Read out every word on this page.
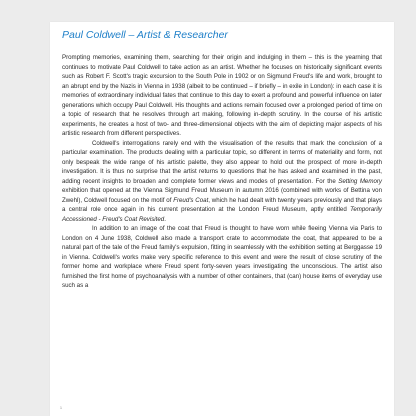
Paul Coldwell – Artist & Researcher

Prompting memories, examining them, searching for their origin and indulging in them – this is the yearning that continues to motivate Paul Coldwell to take action as an artist. Whether he focuses on historically significant events such as Robert F. Scott's tragic excursion to the South Pole in 1902 or on Sigmund Freud's life and work, brought to an abrupt end by the Nazis in Vienna in 1938 (albeit to be continued – if briefly – in exile in London): in each case it is memories of extraordinary individual fates that continue to this day to exert a profound and powerful influence on later generations which occupy Paul Coldwell. His thoughts and actions remain focused over a prolonged period of time on a topic of research that he resolves through art making, following in-depth scrutiny. In the course of his artistic experiments, he creates a host of two- and three-dimensional objects with the aim of depicting major aspects of his artistic research from different perspectives.

Coldwell's interrogations rarely end with the visualisation of the results that mark the conclusion of a particular examination. The products dealing with a particular topic, so different in terms of materiality and form, not only bespeak the wide range of his artistic palette, they also appear to hold out the prospect of more in-depth investigation. It is thus no surprise that the artist returns to questions that he has asked and examined in the past, adding recent insights to broaden and complete former views and modes of presentation. For the Setting Memory exhibition that opened at the Vienna Sigmund Freud Museum in autumn 2016 (combined with works of Bettina von Zwehl), Coldwell focused on the motif of Freud's Coat, which he had dealt with twenty years previously and that plays a central role once again in his current presentation at the London Freud Museum, aptly entitled Temporarily Accessioned - Freud's Coat Revisited.

In addition to an image of the coat that Freud is thought to have worn while fleeing Vienna via Paris to London on 4 June 1938, Coldwell also made a transport crate to accommodate the coat, that appeared to be a natural part of the tale of the Freud family's expulsion, fitting in seamlessly with the exhibition setting at Berggasse 19 in Vienna. Coldwell's works make very specific reference to this event and were the result of close scrutiny of the former home and workplace where Freud spent forty-seven years investigating the unconscious. The artist also furnished the first home of psychoanalysis with a number of other containers, that (can) house items of everyday use such as a

1
